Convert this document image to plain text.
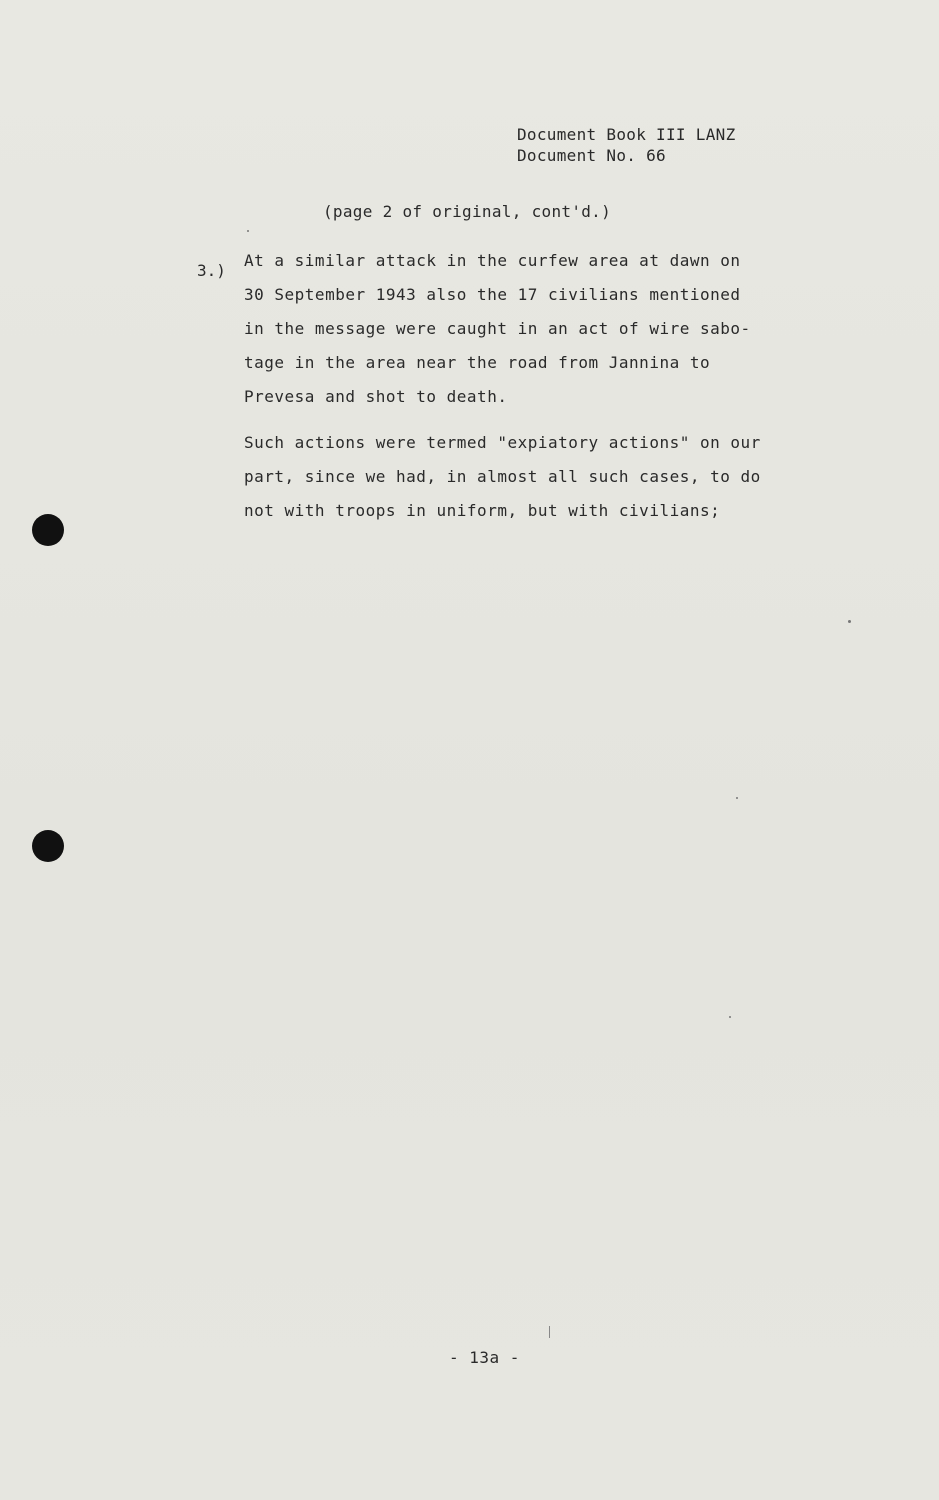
Document Book III LANZ
Document No. 66
(page 2 of original, cont'd.)
3.)
At a similar attack in the curfew area at dawn on
30 September 1943 also the 17 civilians mentioned
in the message were caught in an act of wire sabo-
tage in the area near the road from Jannina to
Prevesa and shot to death.
Such actions were termed "expiatory actions" on our
part, since we had, in almost all such cases, to do
not with troops in uniform, but with civilians;
- 13a -
